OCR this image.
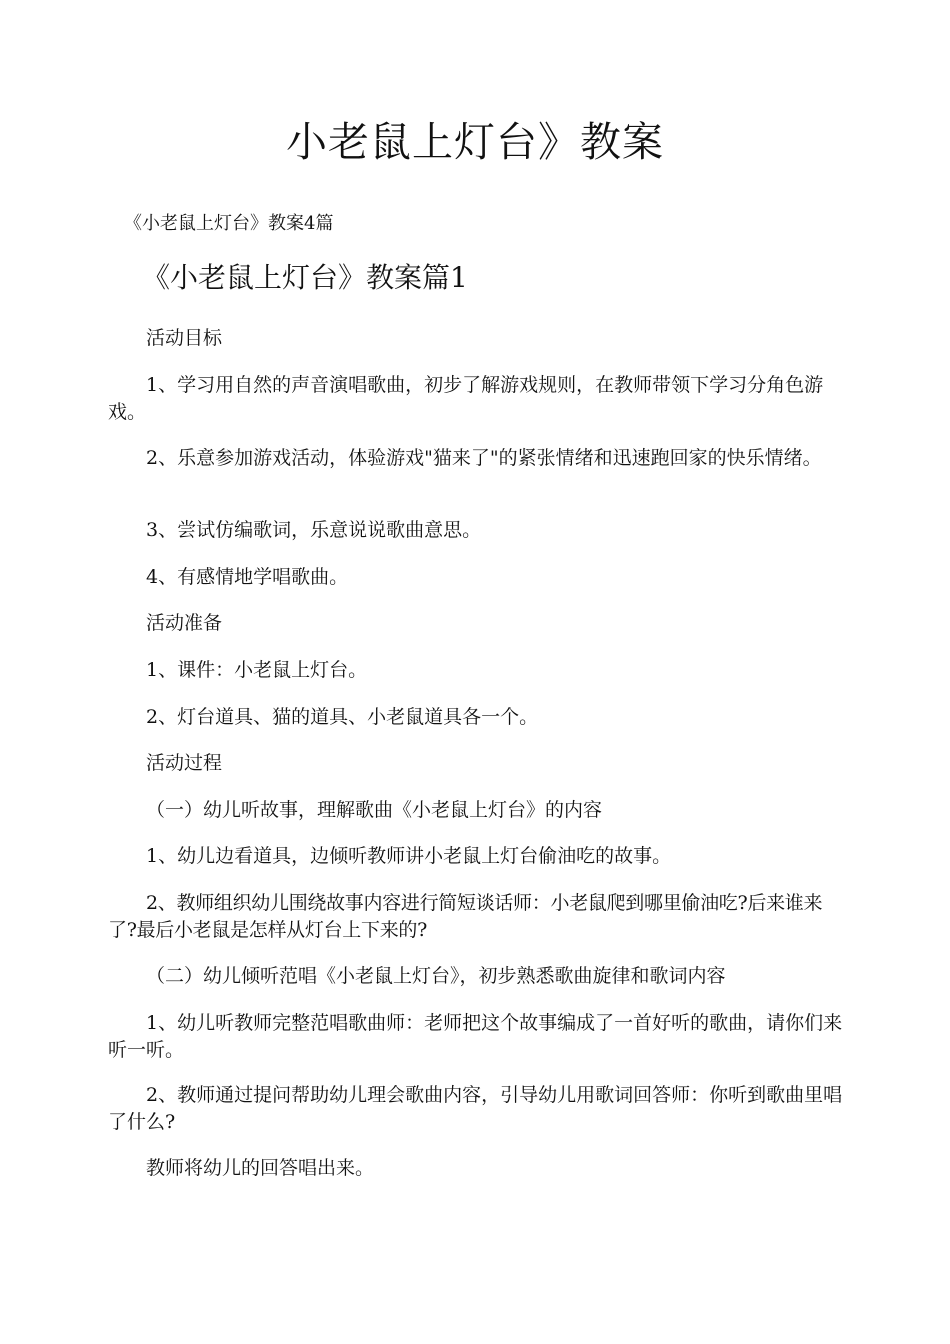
小老鼠上灯台》教案
《小老鼠上灯台》教案4篇
《小老鼠上灯台》教案篇1

活动目标

1、学习用自然的声音演唱歌曲，初步了解游戏规则，在教师带领下学习分角色游戏。

2、乐意参加游戏活动，体验游戏"猫来了"的紧张情绪和迅速跑回家的快乐情绪。

3、尝试仿编歌词，乐意说说歌曲意思。

4、有感情地学唱歌曲。

活动准备

1、课件：小老鼠上灯台。

2、灯台道具、猫的道具、小老鼠道具各一个。

活动过程

（一）幼儿听故事，理解歌曲《小老鼠上灯台》的内容

1、幼儿边看道具，边倾听教师讲小老鼠上灯台偷油吃的故事。

2、教师组织幼儿围绕故事内容进行简短谈话师：小老鼠爬到哪里偷油吃?后来谁来了?最后小老鼠是怎样从灯台上下来的?

（二）幼儿倾听范唱《小老鼠上灯台》，初步熟悉歌曲旋律和歌词内容

1、幼儿听教师完整范唱歌曲师：老师把这个故事编成了一首好听的歌曲，请你们来听一听。

2、教师通过提问帮助幼儿理会歌曲内容，引导幼儿用歌词回答师：你听到歌曲里唱了什么?

教师将幼儿的回答唱出来。
